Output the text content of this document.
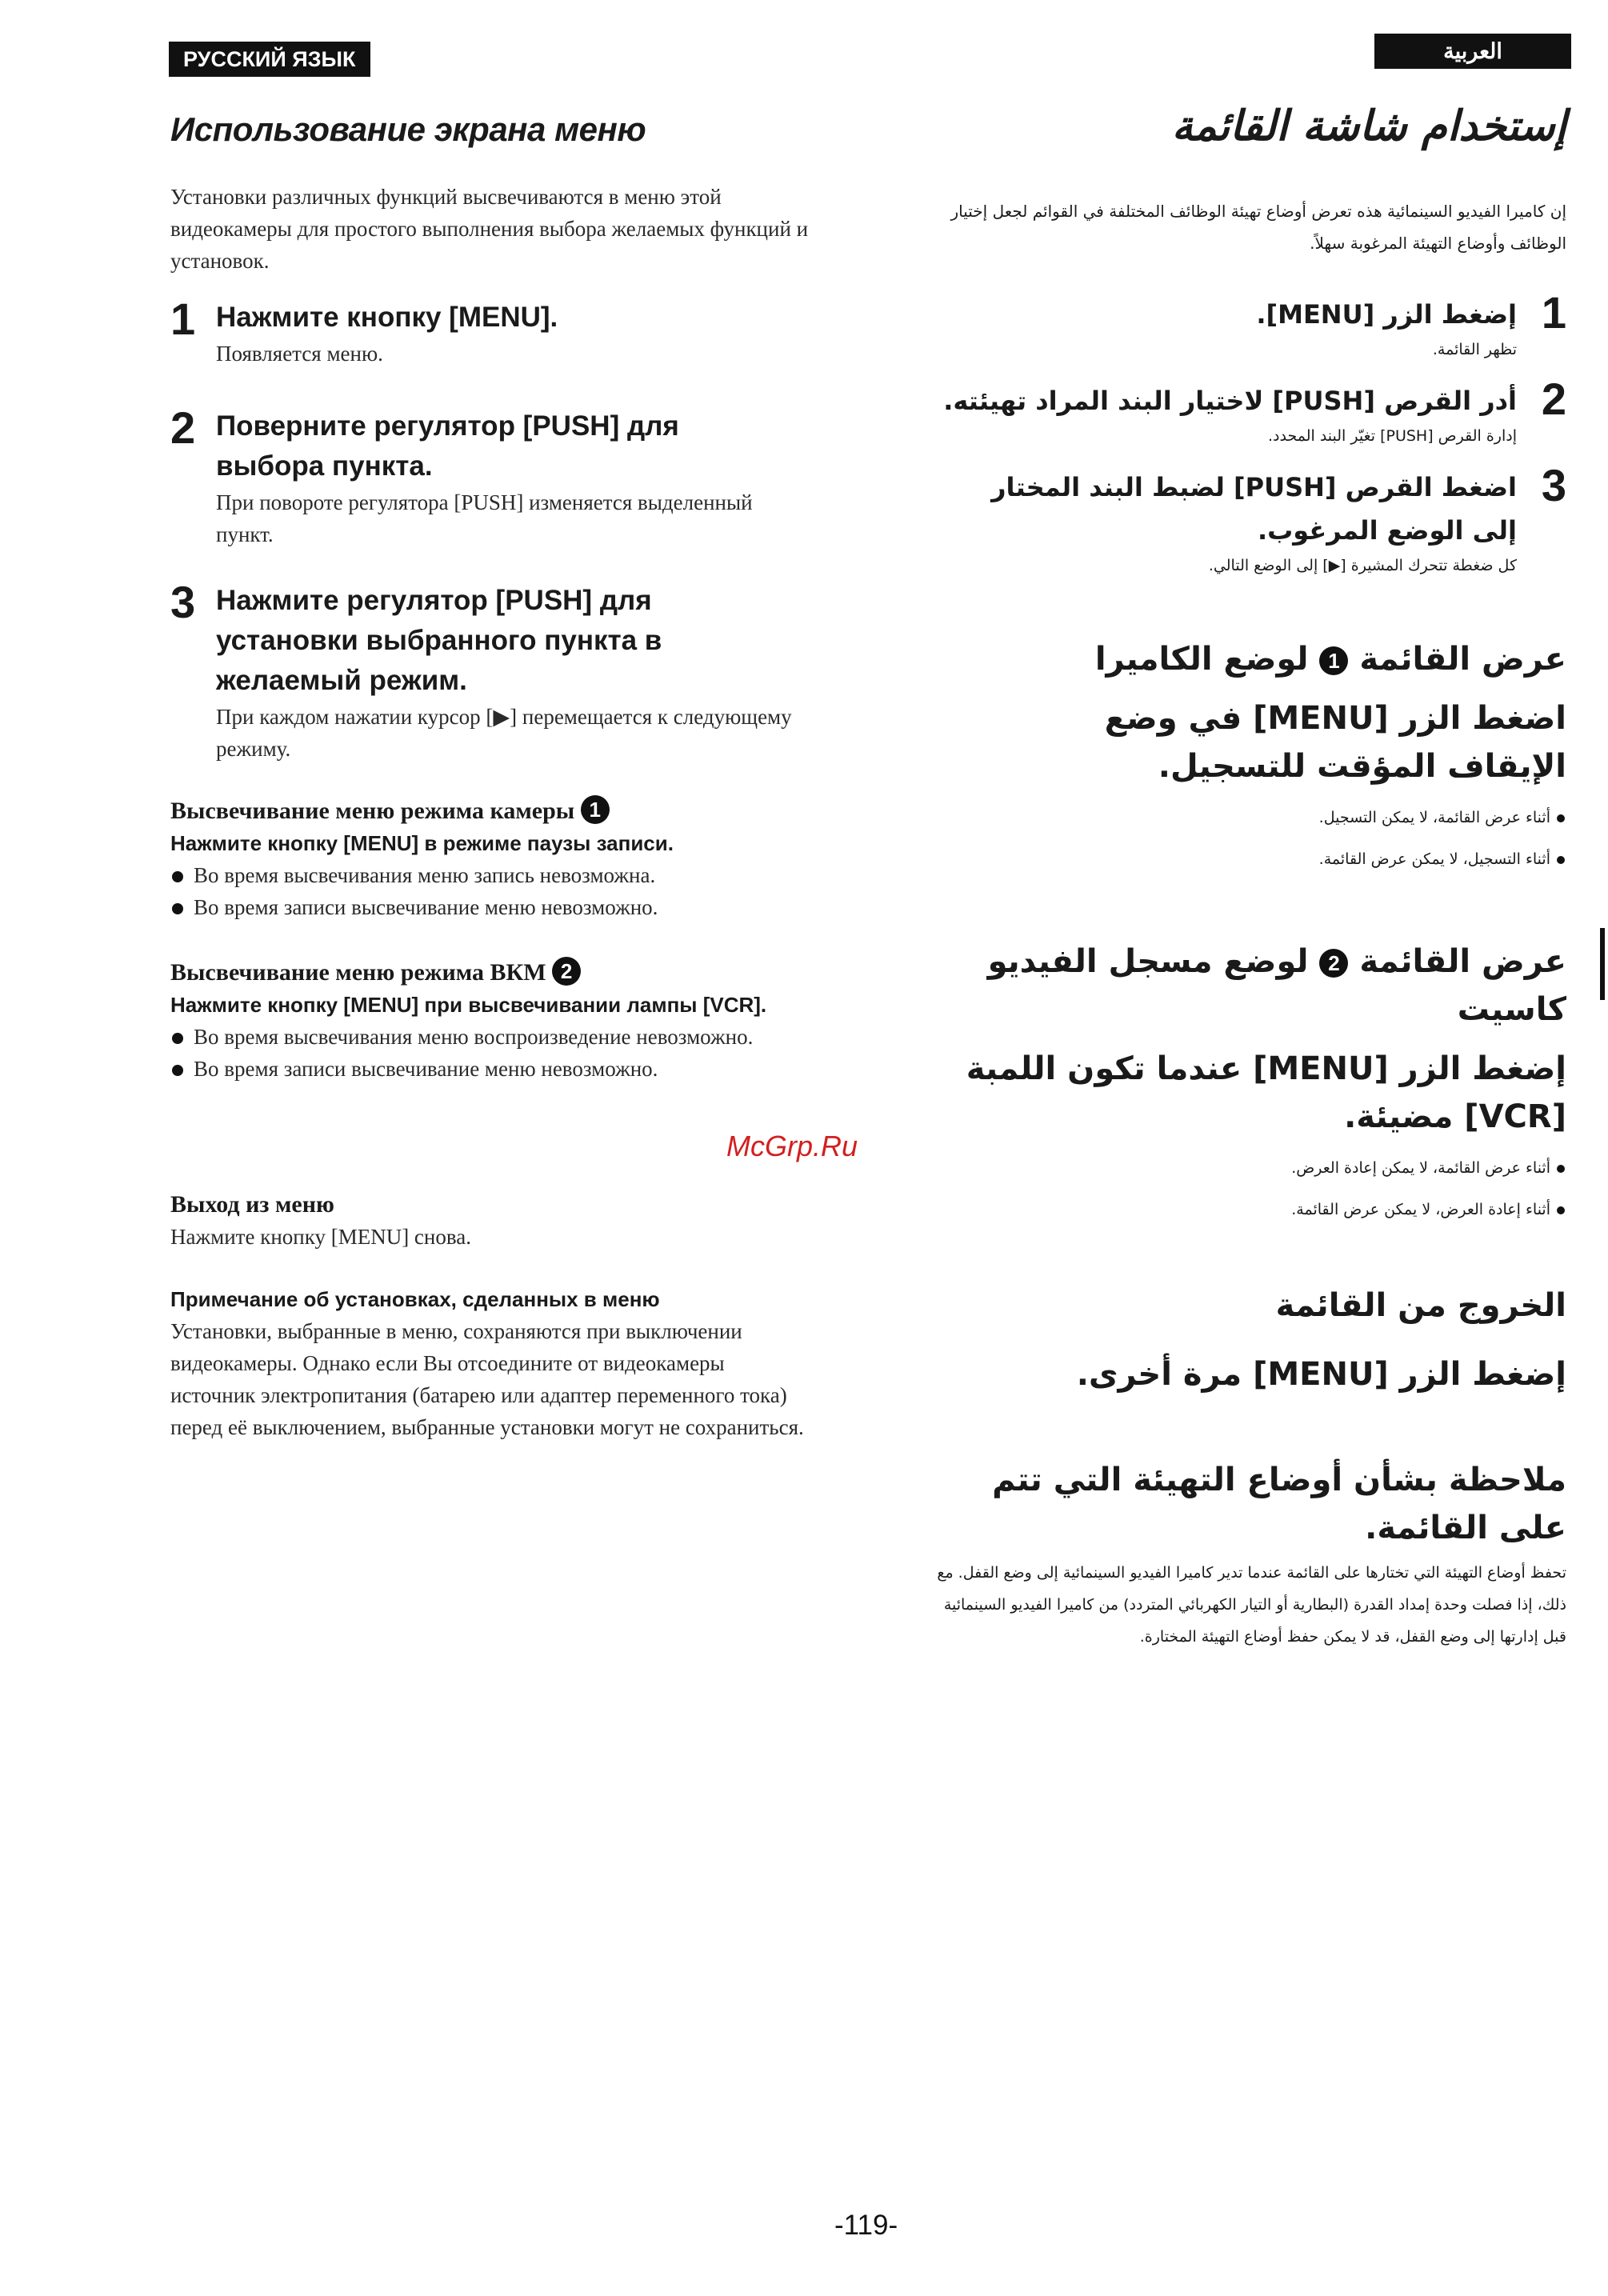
РУССКИЙ ЯЗЫК	العربية
Использование экрана меню
Установки различных функций высвечиваются в меню этой видеокамеры для простого выполнения выбора желаемых функций и установок.
1 Нажмите кнопку [MENU].
Появляется меню.
2 Поверните регулятор [PUSH] для выбора пункта.
При повороте регулятора [PUSH] изменяется выделенный пункт.
3 Нажмите регулятор [PUSH] для установки выбранного пункта в желаемый режим.
При каждом нажатии курсор [▶] перемещается к следующему режиму.
Высвечивание меню режима камеры 1
Нажмите кнопку [MENU] в режиме паузы записи.
Во время высвечивания меню запись невозможна.
Во время записи высвечивание меню невозможно.
Высвечивание меню режима ВКМ 2
Нажмите кнопку [MENU] при высвечивании лампы [VCR].
Во время высвечивания меню воспроизведение невозможно.
Во время записи высвечивание меню невозможно.
Выход из меню
Нажмите кнопку [MENU] снова.
Примечание об установках, сделанных в меню
Установки, выбранные в меню, сохраняются при выключении видеокамеры. Однако если Вы отсоедините от видеокамеры источник электропитания (батарею или адаптер переменного тока) перед её выключением, выбранные установки могут не сохраниться.
إستخدام شاشة القائمة
إن كاميرا الفيديو السينمائية هذه تعرض أوضاع تهيئة الوظائف المختلفة في القوائم لجعل إختيار الوظائف وأوضاع التهيئة المرغوبة سهلاً.
1
إضغط الزر [MENU].
تظهر القائمة.
2
أدر القرص [PUSH] لاختيار البند المراد تهيئته.
إدارة القرص [PUSH] تغيّر البند المحدد.
3
اضغط القرص [PUSH] لضبط البند المختار إلى الوضع المرغوب.
كل ضغطة تتحرك المشيرة [▶] إلى الوضع التالي.
عرض القائمة 1 لوضع الكاميرا
اضغط الزر [MENU] في وضع الإيقاف المؤقت للتسجيل.
أثناء عرض القائمة، لا يمكن التسجيل.
أثناء التسجيل، لا يمكن عرض القائمة.
عرض القائمة 2 لوضع مسجل الفيديو كاسيت
إضغط الزر [MENU] عندما تكون اللمبة [VCR] مضيئة.
أثناء عرض القائمة، لا يمكن إعادة العرض.
أثناء إعادة العرض، لا يمكن عرض القائمة.
الخروج من القائمة
إضغط الزر [MENU] مرة أخرى.
ملاحظة بشأن أوضاع التهيئة التي تتم على القائمة.
تحفظ أوضاع التهيئة التي تختارها على القائمة عندما تدير كاميرا الفيديو السينمائية إلى وضع القفل. مع ذلك، إذا فصلت وحدة إمداد القدرة (البطارية أو التيار الكهربائي المتردد) من كاميرا الفيديو السينمائية قبل إدارتها إلى وضع القفل، قد لا يمكن حفظ أوضاع التهيئة المختارة.
McGrp.Ru
-119-
